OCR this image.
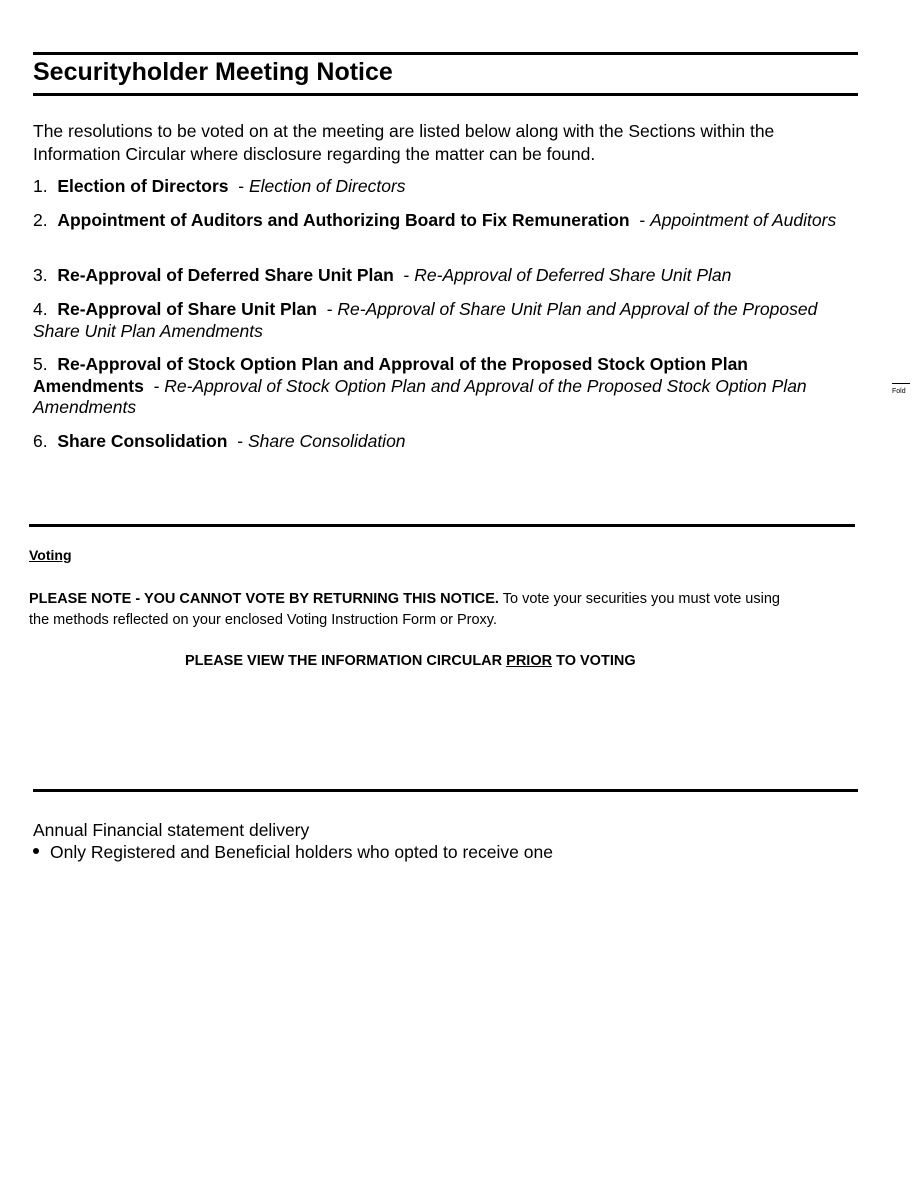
Securityholder Meeting Notice
The resolutions to be voted on at the meeting are listed below along with the Sections within the Information Circular where disclosure regarding the matter can be found.
1. Election of Directors - Election of Directors
2. Appointment of Auditors and Authorizing Board to Fix Remuneration - Appointment of Auditors
3. Re-Approval of Deferred Share Unit Plan - Re-Approval of Deferred Share Unit Plan
4. Re-Approval of Share Unit Plan - Re-Approval of Share Unit Plan and Approval of the Proposed Share Unit Plan Amendments
5. Re-Approval of Stock Option Plan and Approval of the Proposed Stock Option Plan Amendments - Re-Approval of Stock Option Plan and Approval of the Proposed Stock Option Plan Amendments
6. Share Consolidation - Share Consolidation
Fold
Voting
PLEASE NOTE - YOU CANNOT VOTE BY RETURNING THIS NOTICE. To vote your securities you must vote using the methods reflected on your enclosed Voting Instruction Form or Proxy.
PLEASE VIEW THE INFORMATION CIRCULAR PRIOR TO VOTING
Annual Financial statement delivery
Only Registered and Beneficial holders who opted to receive one
